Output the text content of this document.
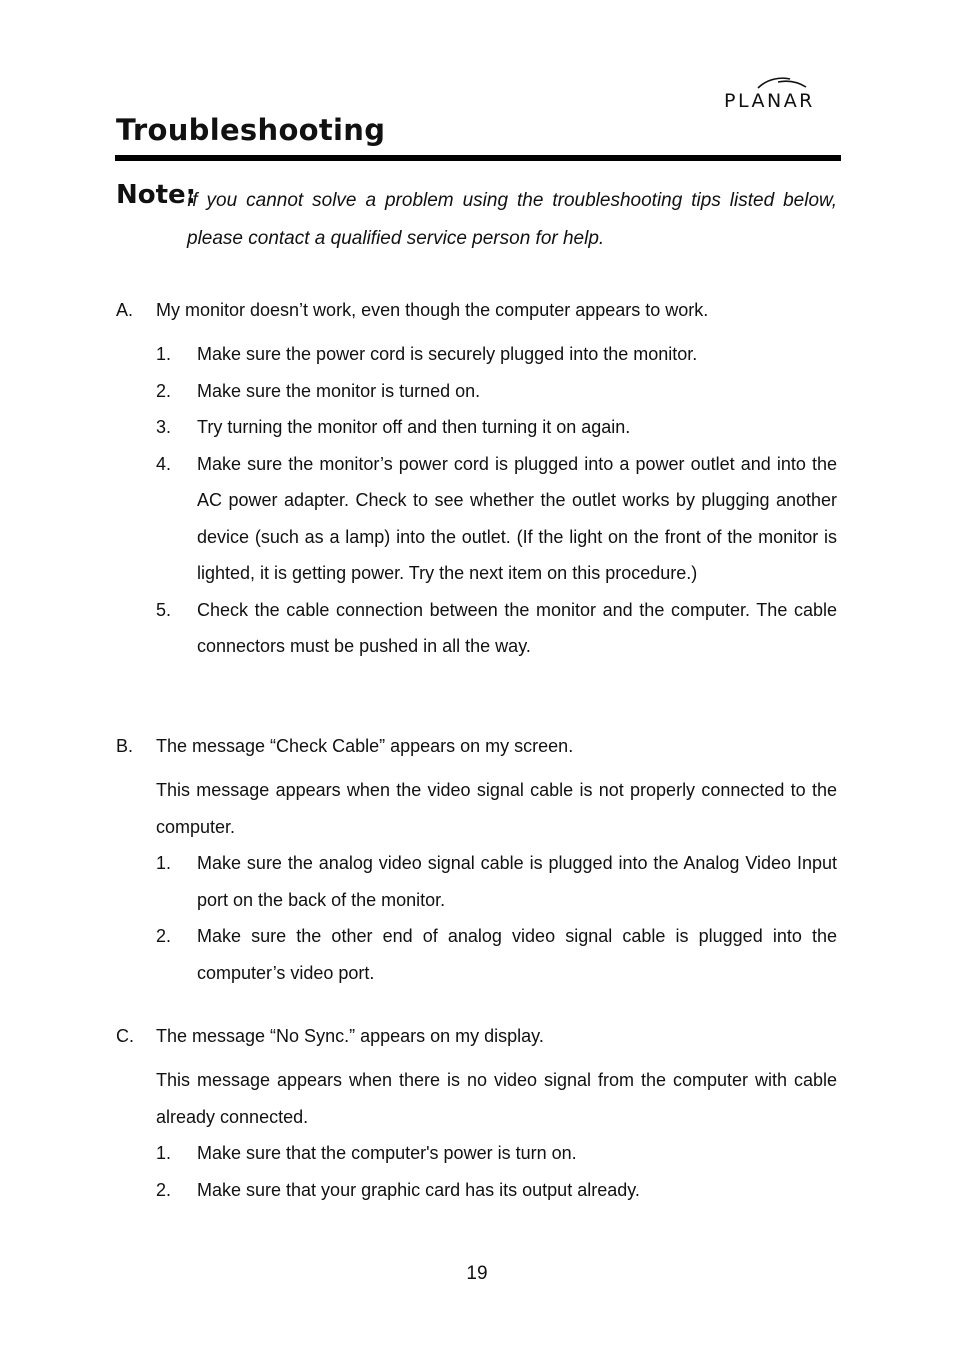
PLANAR
Troubleshooting
Note:

If you cannot solve a problem using the troubleshooting tips listed below, please contact a qualified service person for help.

A.	My monitor doesn’t work, even though the computer appears to work.
1.	Make sure the power cord is securely plugged into the monitor.
2.	Make sure the monitor is turned on.
3.	Try turning the monitor off and then turning it on again.
4.	Make sure the monitor’s power cord is plugged into a power outlet and into the AC power adapter. Check to see whether the outlet works by plugging another device (such as a lamp) into the outlet. (If the light on the front of the monitor is lighted, it is getting power. Try the next item on this procedure.)
5.	Check the cable connection between the monitor and the computer. The cable connectors must be pushed in all the way.
B.	The message “Check Cable” appears on my screen.

This message appears when the video signal cable is not properly connected to the computer.

1.	Make sure the analog video signal cable is plugged into the Analog Video Input port on the back of the monitor.
2.	Make sure the other end of analog video signal cable is plugged into the computer’s video port.
C.	The message “No Sync.” appears on my display.

This message appears when there is no video signal from the computer with cable already connected.

1.	Make sure that the computer's power is turn on.
2.	Make sure that your graphic card has its output already.
19
